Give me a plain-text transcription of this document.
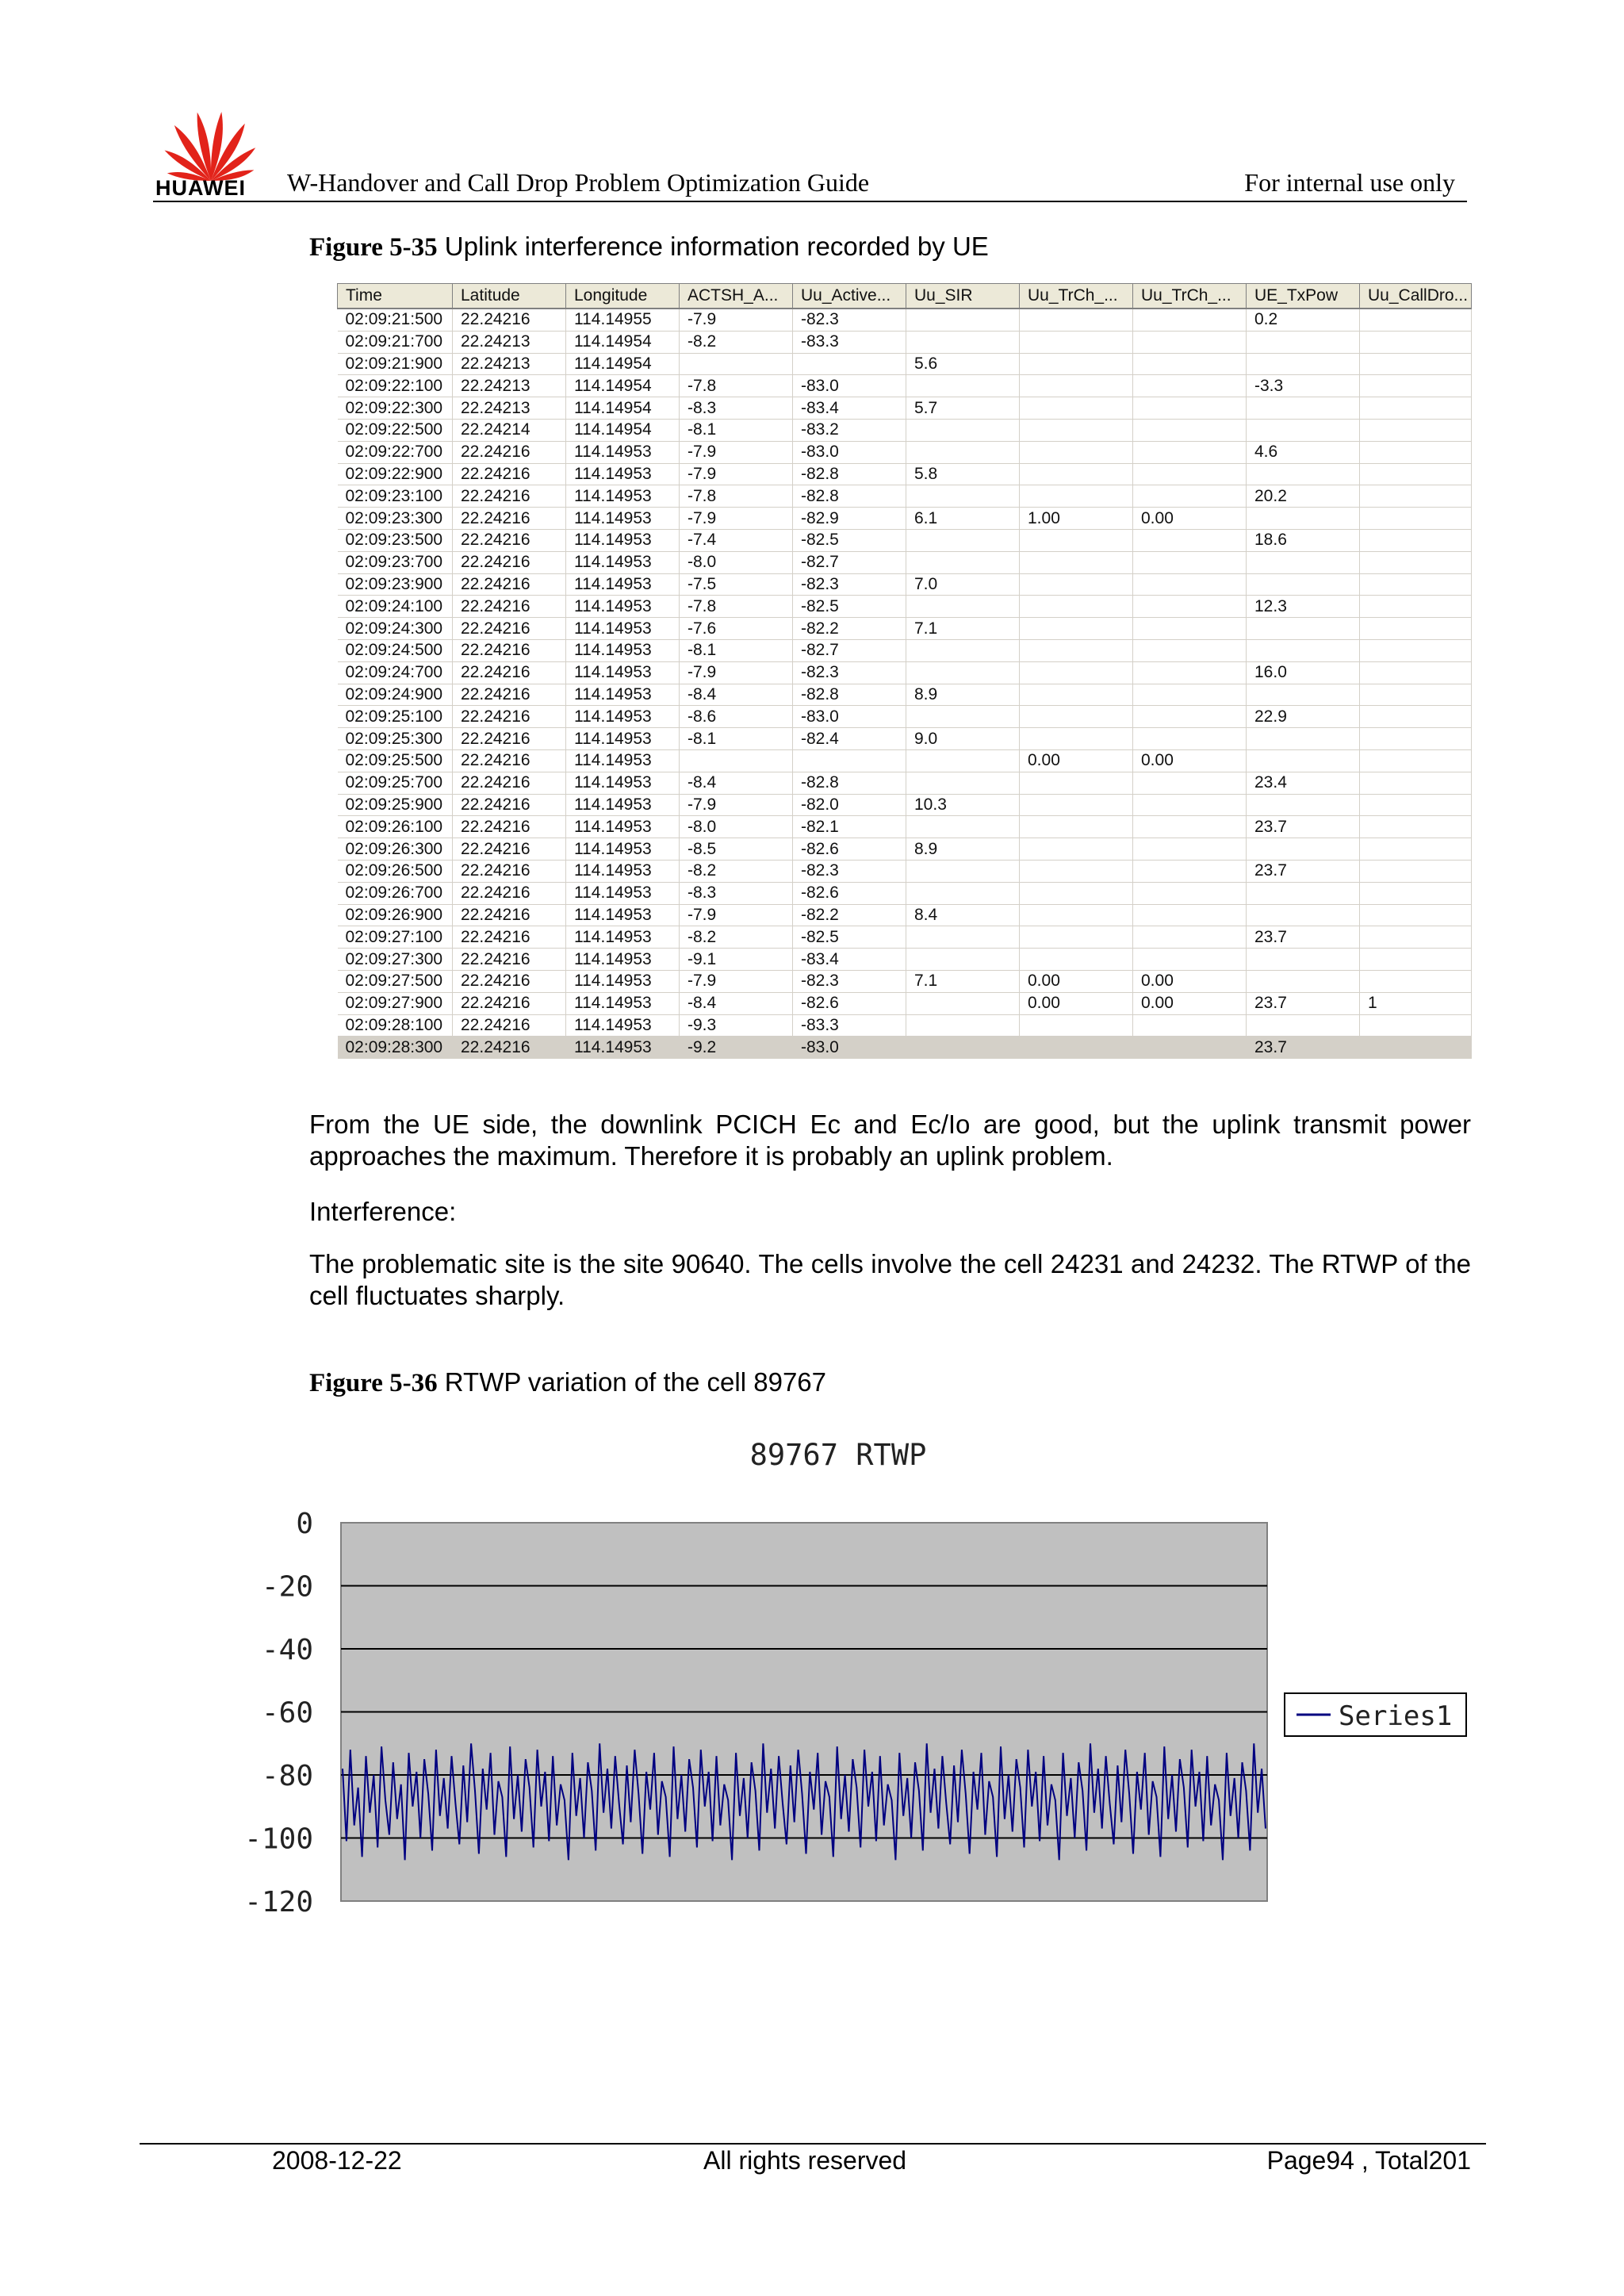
HUAWEI W-Handover and Call Drop Problem Optimization Guide	For internal use only
Figure 5-35 Uplink interference information recorded by UE
Time	Latitude	Longitude	ACTSH_A...	Uu_Active...	Uu_SIR	Uu_TrCh_...	Uu_TrCh_...	UE_TxPow	Uu_CallDro...
02:09:21:500	22.24216	114.14955	-7.9	-82.3				0.2	
02:09:21:700	22.24213	114.14954	-8.2	-83.3					
02:09:21:900	22.24213	114.14954			5.6				
02:09:22:100	22.24213	114.14954	-7.8	-83.0				-3.3	
02:09:22:300	22.24213	114.14954	-8.3	-83.4	5.7				
02:09:22:500	22.24214	114.14954	-8.1	-83.2					
02:09:22:700	22.24216	114.14953	-7.9	-83.0				4.6	
02:09:22:900	22.24216	114.14953	-7.9	-82.8	5.8				
02:09:23:100	22.24216	114.14953	-7.8	-82.8				20.2	
02:09:23:300	22.24216	114.14953	-7.9	-82.9	6.1	1.00	0.00		
02:09:23:500	22.24216	114.14953	-7.4	-82.5				18.6	
02:09:23:700	22.24216	114.14953	-8.0	-82.7					
02:09:23:900	22.24216	114.14953	-7.5	-82.3	7.0				
02:09:24:100	22.24216	114.14953	-7.8	-82.5				12.3	
02:09:24:300	22.24216	114.14953	-7.6	-82.2	7.1				
02:09:24:500	22.24216	114.14953	-8.1	-82.7					
02:09:24:700	22.24216	114.14953	-7.9	-82.3				16.0	
02:09:24:900	22.24216	114.14953	-8.4	-82.8	8.9				
02:09:25:100	22.24216	114.14953	-8.6	-83.0				22.9	
02:09:25:300	22.24216	114.14953	-8.1	-82.4	9.0				
02:09:25:500	22.24216	114.14953				0.00	0.00		
02:09:25:700	22.24216	114.14953	-8.4	-82.8				23.4	
02:09:25:900	22.24216	114.14953	-7.9	-82.0	10.3				
02:09:26:100	22.24216	114.14953	-8.0	-82.1				23.7	
02:09:26:300	22.24216	114.14953	-8.5	-82.6	8.9				
02:09:26:500	22.24216	114.14953	-8.2	-82.3				23.7	
02:09:26:700	22.24216	114.14953	-8.3	-82.6					
02:09:26:900	22.24216	114.14953	-7.9	-82.2	8.4				
02:09:27:100	22.24216	114.14953	-8.2	-82.5				23.7	
02:09:27:300	22.24216	114.14953	-9.1	-83.4					
02:09:27:500	22.24216	114.14953	-7.9	-82.3	7.1	0.00	0.00		
02:09:27:900	22.24216	114.14953	-8.4	-82.6		0.00	0.00	23.7	1
02:09:28:100	22.24216	114.14953	-9.3	-83.3					
02:09:28:300	22.24216	114.14953	-9.2	-83.0				23.7	
From the UE side, the downlink PCICH Ec and Ec/Io are good, but the uplink transmit power approaches the maximum. Therefore it is probably an uplink problem.
Interference:
The problematic site is the site 90640. The cells involve the cell 24231 and 24232. The RTWP of the cell fluctuates sharply.
Figure 5-36 RTWP variation of the cell 89767
89767 RTWP
0
-20
-40
-60
-80
-100
-120
Series1
2008-12-22	All rights reserved	Page94 , Total201
